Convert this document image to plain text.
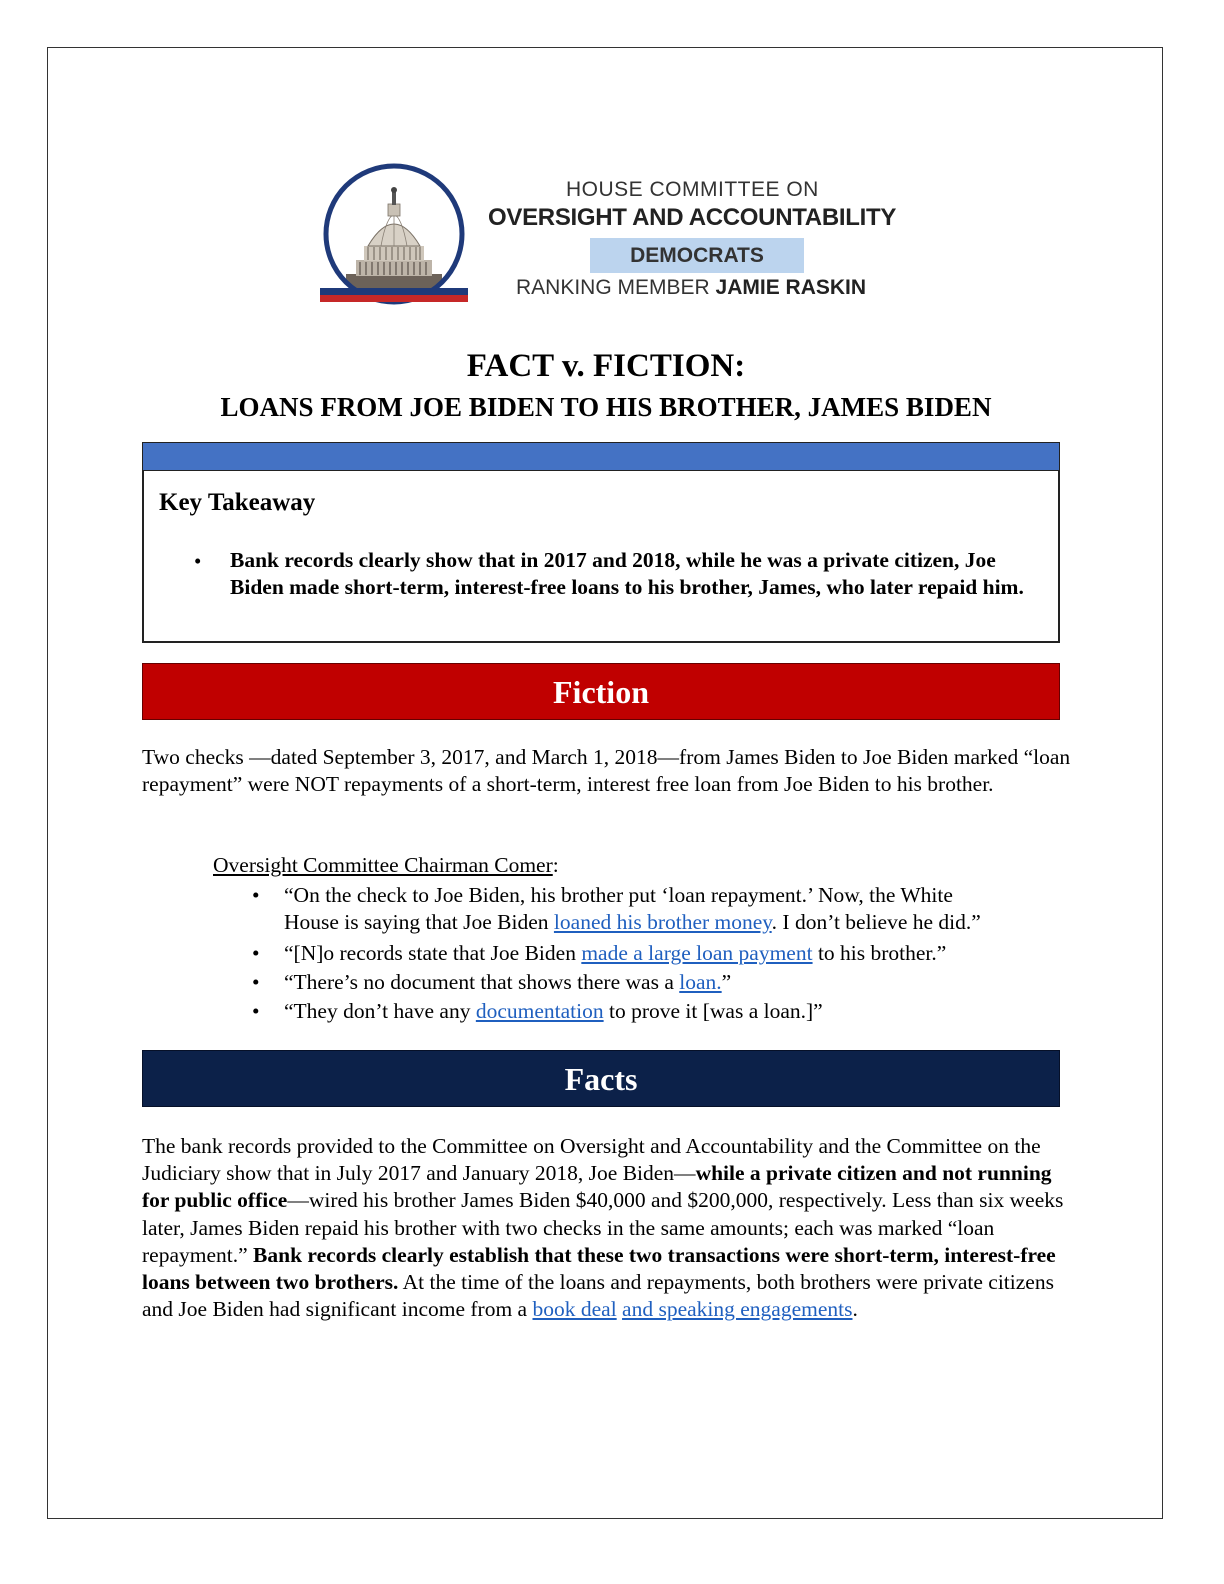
HOUSE COMMITTEE ON
OVERSIGHT AND ACCOUNTABILITY
DEMOCRATS
RANKING MEMBER JAMIE RASKIN
FACT v. FICTION:
LOANS FROM JOE BIDEN TO HIS BROTHER, JAMES BIDEN
Key Takeaway
• Bank records clearly show that in 2017 and 2018, while he was a private citizen, Joe Biden made short-term, interest-free loans to his brother, James, who later repaid him.
Fiction
Two checks —dated September 3, 2017, and March 1, 2018—from James Biden to Joe Biden marked “loan repayment” were NOT repayments of a short-term, interest free loan from Joe Biden to his brother.
Oversight Committee Chairman Comer:
• “On the check to Joe Biden, his brother put ‘loan repayment.’ Now, the White
House is saying that Joe Biden loaned his brother money. I don’t believe he did.”
• “[N]o records state that Joe Biden made a large loan payment to his brother.”
• “There’s no document that shows there was a loan.”
• “They don’t have any documentation to prove it [was a loan.]”
Facts
The bank records provided to the Committee on Oversight and Accountability and the Committee on the Judiciary show that in July 2017 and January 2018, Joe Biden—while a private citizen and not running for public office—wired his brother James Biden $40,000 and $200,000, respectively. Less than six weeks later, James Biden repaid his brother with two checks in the same amounts; each was marked “loan repayment.” Bank records clearly establish that these two transactions were short-term, interest-free loans between two brothers. At the time of the loans and repayments, both brothers were private citizens and Joe Biden had significant income from a book deal and speaking engagements.
